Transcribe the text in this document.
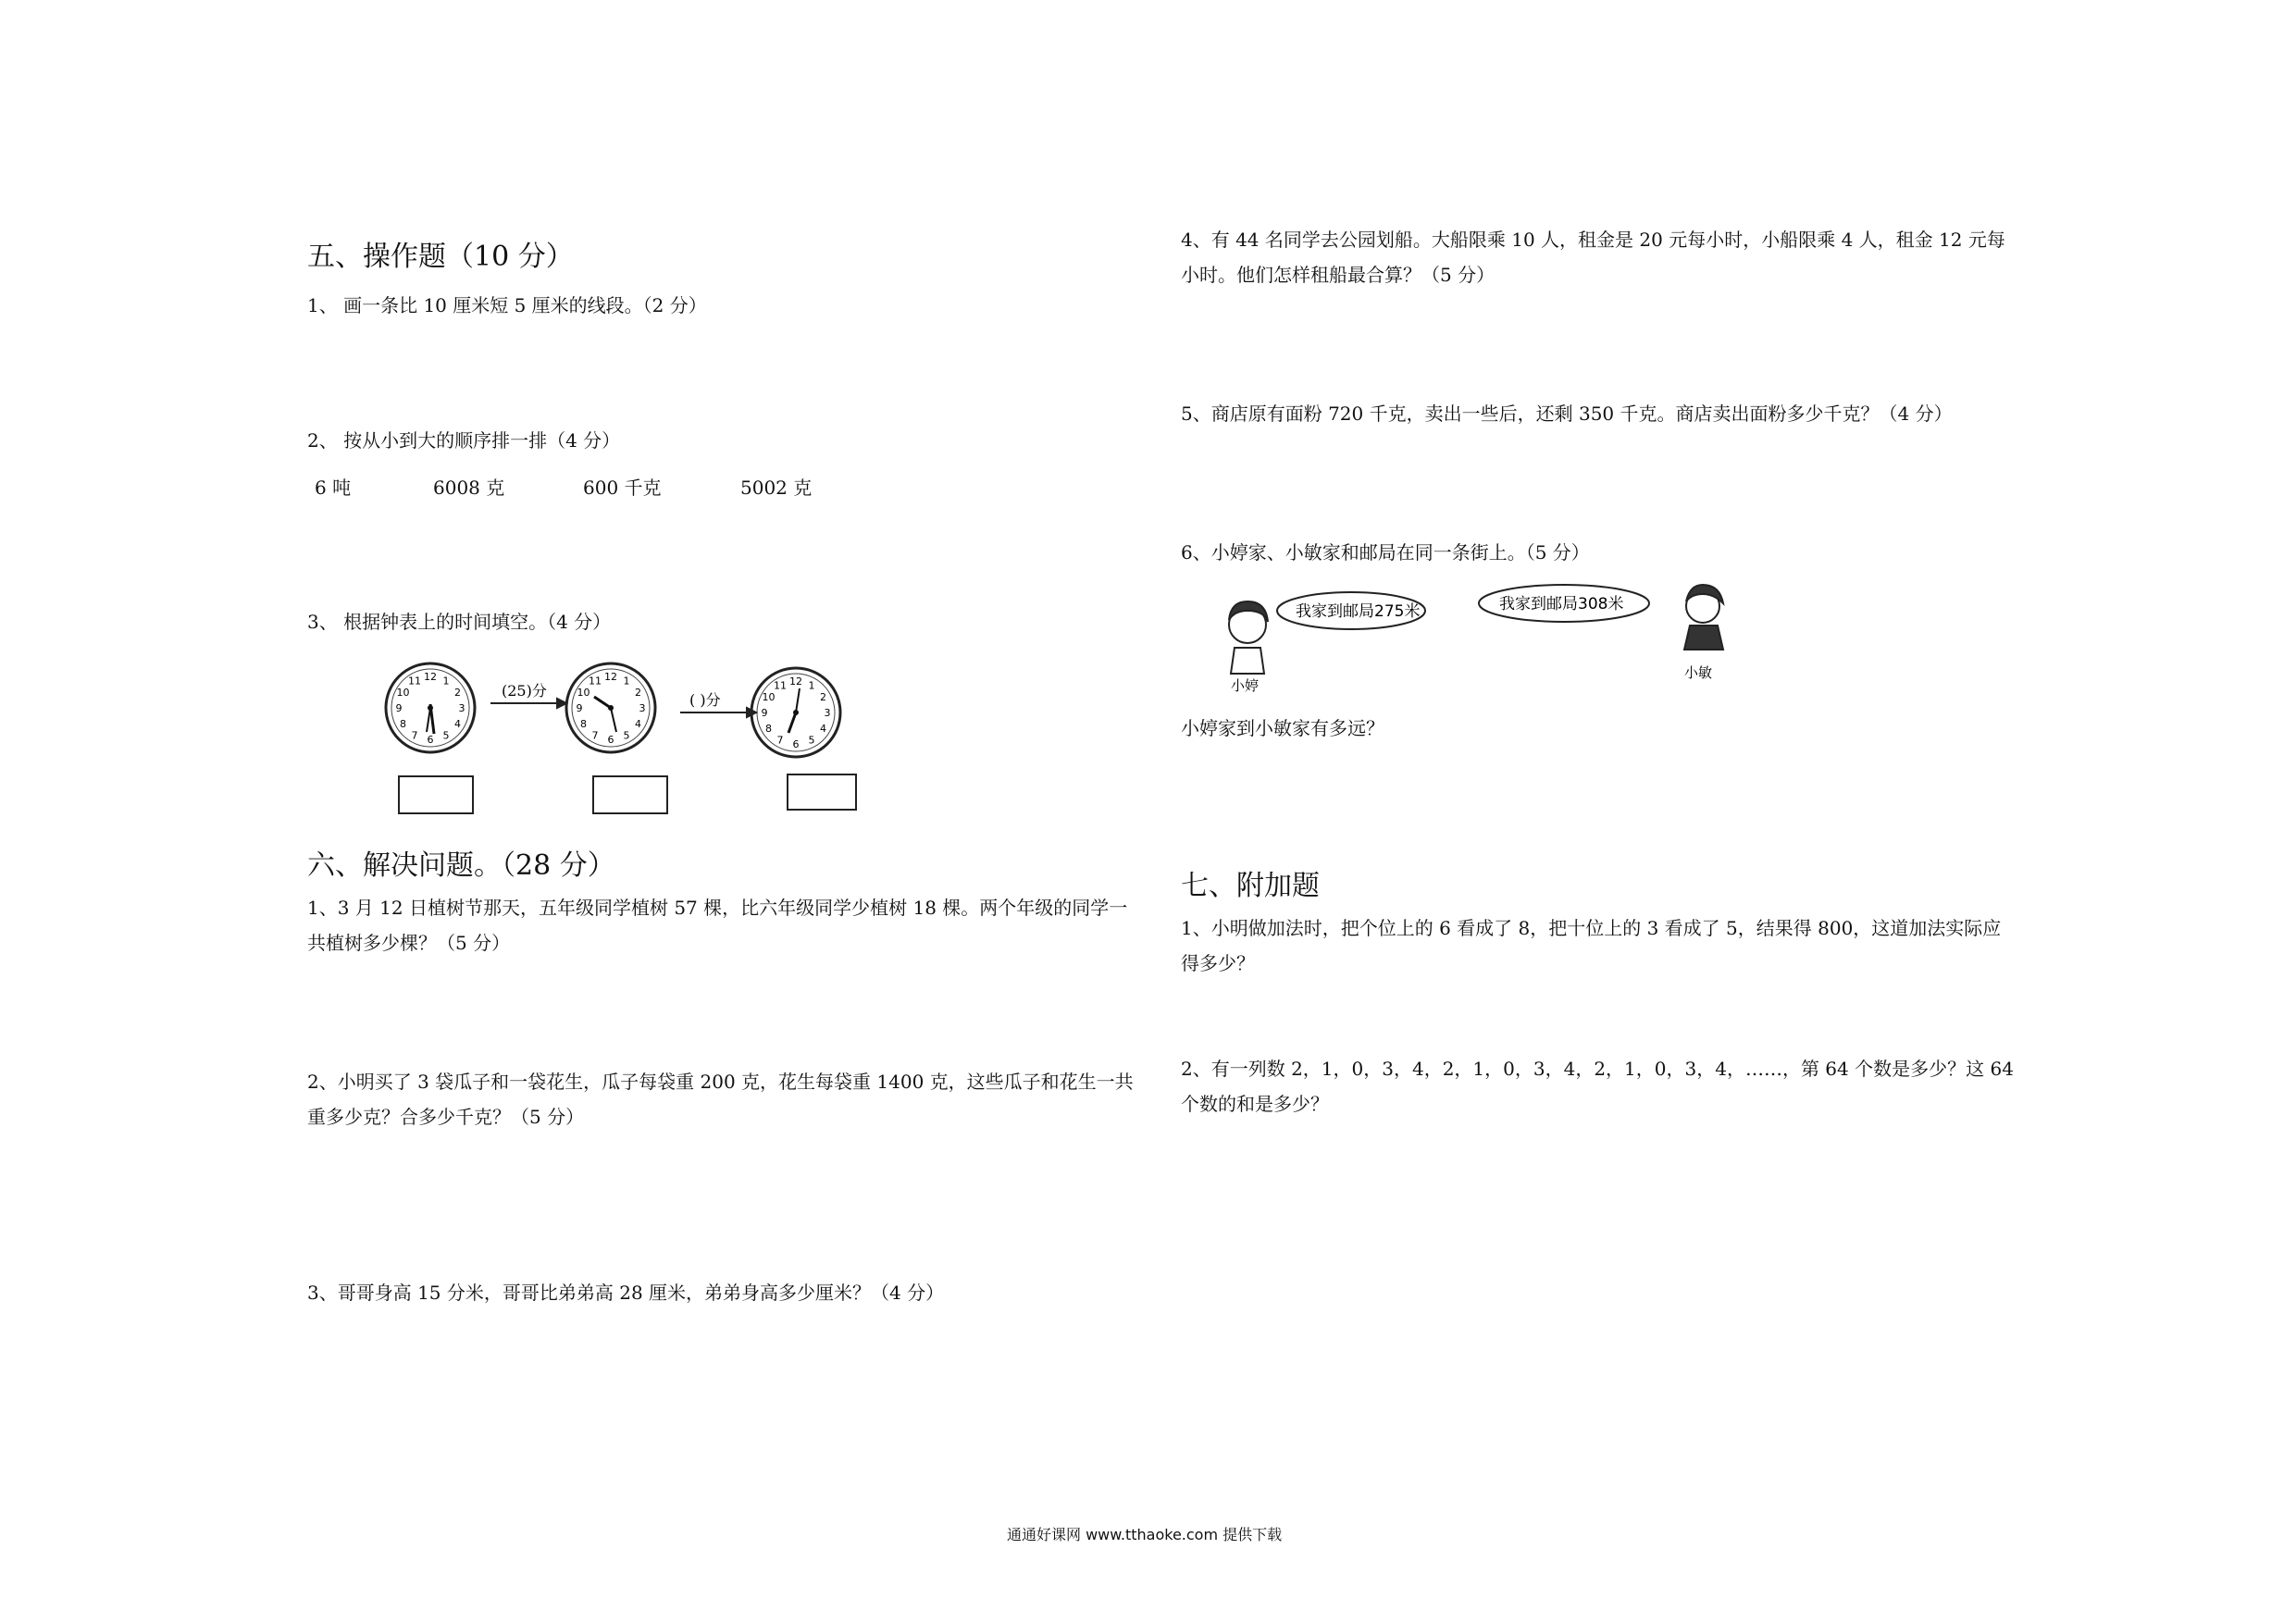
五、操作题（10 分）
1、 画一条比 10 厘米短 5 厘米的线段。（2 分）
2、 按从小到大的顺序排一排（4 分）
6 吨	6008 克	600 千克	5002 克
3、 根据钟表上的时间填空。（4 分）
12 1
2
3
4
5
6
7
8
9
10
11	12 1
2
3
4
5
6
7
8
9
10
11	12 1
2
3
4
5
6
7
8
9
10
11
(25)分
( )分
六、解决问题。（28 分）
1、3 月 12 日植树节那天，五年级同学植树 57 棵，比六年级同学少植树 18 棵。两个年级的同学一共植树多少棵？（5 分）
2、小明买了 3 袋瓜子和一袋花生，瓜子每袋重 200 克，花生每袋重 1400 克，这些瓜子和花生一共重多少克？合多少千克？（5 分）
3、哥哥身高 15 分米，哥哥比弟弟高 28 厘米，弟弟身高多少厘米？（4 分）
4、有 44 名同学去公园划船。大船限乘 10 人，租金是 20 元每小时，小船限乘 4 人，租金 12 元每小时。他们怎样租船最合算？（5 分）
5、商店原有面粉 720 千克，卖出一些后，还剩 350 千克。商店卖出面粉多少千克？（4 分）
6、小婷家、小敏家和邮局在同一条街上。（5 分）
小婷
我家到邮局275米	我家到邮局308米
小敏
小婷家到小敏家有多远？
七、附加题
1、小明做加法时，把个位上的 6 看成了 8，把十位上的 3 看成了 5，结果得 800，这道加法实际应得多少？
2、有一列数 2，1，0，3，4，2，1，0，3，4，2，1，0，3，4，……，第 64 个数是多少？这 64 个数的和是多少？
通通好课网 www.tthaoke.com 提供下载
